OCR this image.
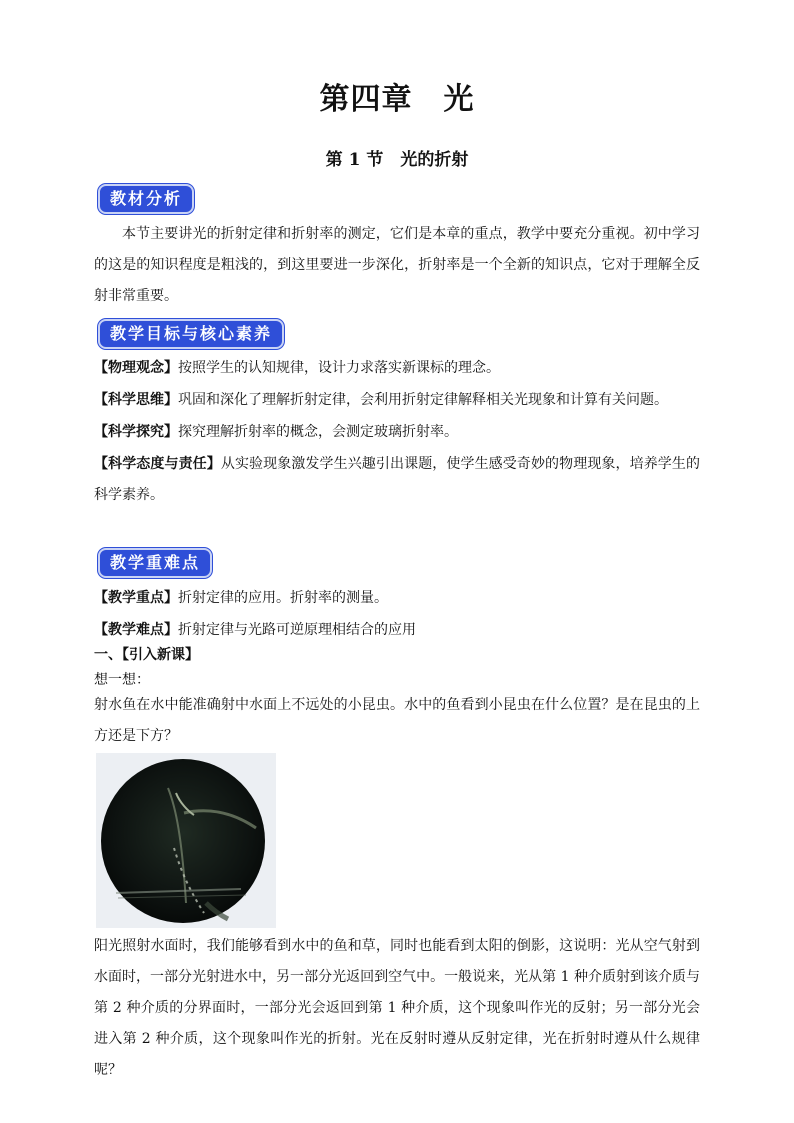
第四章　光
第 1 节　光的折射
教材分析
本节主要讲光的折射定律和折射率的测定，它们是本章的重点，教学中要充分重视。初中学习的这是的知识程度是粗浅的，到这里要进一步深化，折射率是一个全新的知识点，它对于理解全反射非常重要。
教学目标与核心素养
【物理观念】按照学生的认知规律，设计力求落实新课标的理念。
【科学思维】巩固和深化了理解折射定律，会利用折射定律解释相关光现象和计算有关问题。
【科学探究】探究理解折射率的概念，会测定玻璃折射率。
【科学态度与责任】从实验现象激发学生兴趣引出课题，使学生感受奇妙的物理现象，培养学生的科学素养。
教学重难点
【教学重点】折射定律的应用。折射率的测量。
【教学难点】折射定律与光路可逆原理相结合的应用
一、【引入新课】
想一想：
射水鱼在水中能准确射中水面上不远处的小昆虫。水中的鱼看到小昆虫在什么位置？是在昆虫的上方还是下方？
阳光照射水面时，我们能够看到水中的鱼和草，同时也能看到太阳的倒影，这说明：光从空气射到水面时，一部分光射进水中，另一部分光返回到空气中。一般说来，光从第 1 种介质射到该介质与第 2 种介质的分界面时，一部分光会返回到第 1 种介质，这个现象叫作光的反射；另一部分光会进入第 2 种介质，这个现象叫作光的折射。光在反射时遵从反射定律，光在折射时遵从什么规律呢？
